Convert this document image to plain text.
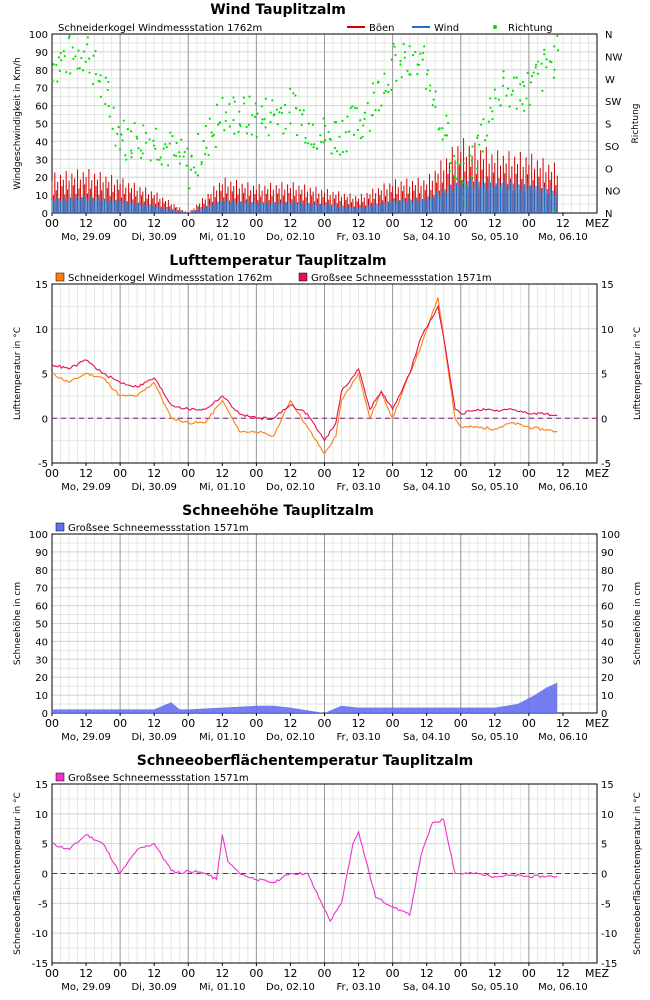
Wind Tauplitzalm
Schneiderkogel Windmessstation 1762m
Lufttemperatur Tauplitzalm
Schneehöhe Tauplitzalm
Schneeoberflächentemperatur Tauplitzalm
0
10
20
30
40
50
60
70
80
90
100
00 12 00 12 00 12 00 12 00 12 00 12 00 12 00 12 MEZ
Mo, 29.09 Di, 30.09 Mi, 01.10 Do, 02.10 Fr, 03.10 Sa, 04.10 So, 05.10 Mo, 06.10
Windgeschwindigkeit in Km/h	Richtung
N
NO
O
SO
S
SW
W
NW
N
Böen	Wind	Richtung
-5	-5
0	0
5	5
10	10
15	15
00 12 00 12 00 12 00 12 00 12 00 12 00 12 00 12 MEZ
Mo, 29.09 Di, 30.09 Mi, 01.10 Do, 02.10 Fr, 03.10 Sa, 04.10 So, 05.10 Mo, 06.10
Lufttemperatur in °C	Lufttemperatur in °C
Schneiderkogel Windmessstation 1762m	Großsee Schneemessstation 1571m
0	0
10	10
20	20
30	30
40	40
50	50
60	60
70	70
80	80
90	90
100	100
00 12 00 12 00 12 00 12 00 12 00 12 00 12 00 12 MEZ
Mo, 29.09 Di, 30.09 Mi, 01.10 Do, 02.10 Fr, 03.10 Sa, 04.10 So, 05.10 Mo, 06.10
Schneehöhe in cm	Schneehöhe in cm
Großsee Schneemessstation 1571m
-15	-15
-10	-10
-5	-5
0	0
5	5
10	10
15	15
00 12 00 12 00 12 00 12 00 12 00 12 00 12 00 12 MEZ
Mo, 29.09 Di, 30.09 Mi, 01.10 Do, 02.10 Fr, 03.10 Sa, 04.10 So, 05.10 Mo, 06.10
Schneeoberflächentemperatur in °C	Schneeoberflächentemperatur in °C
Großsee Schneemessstation 1571m
